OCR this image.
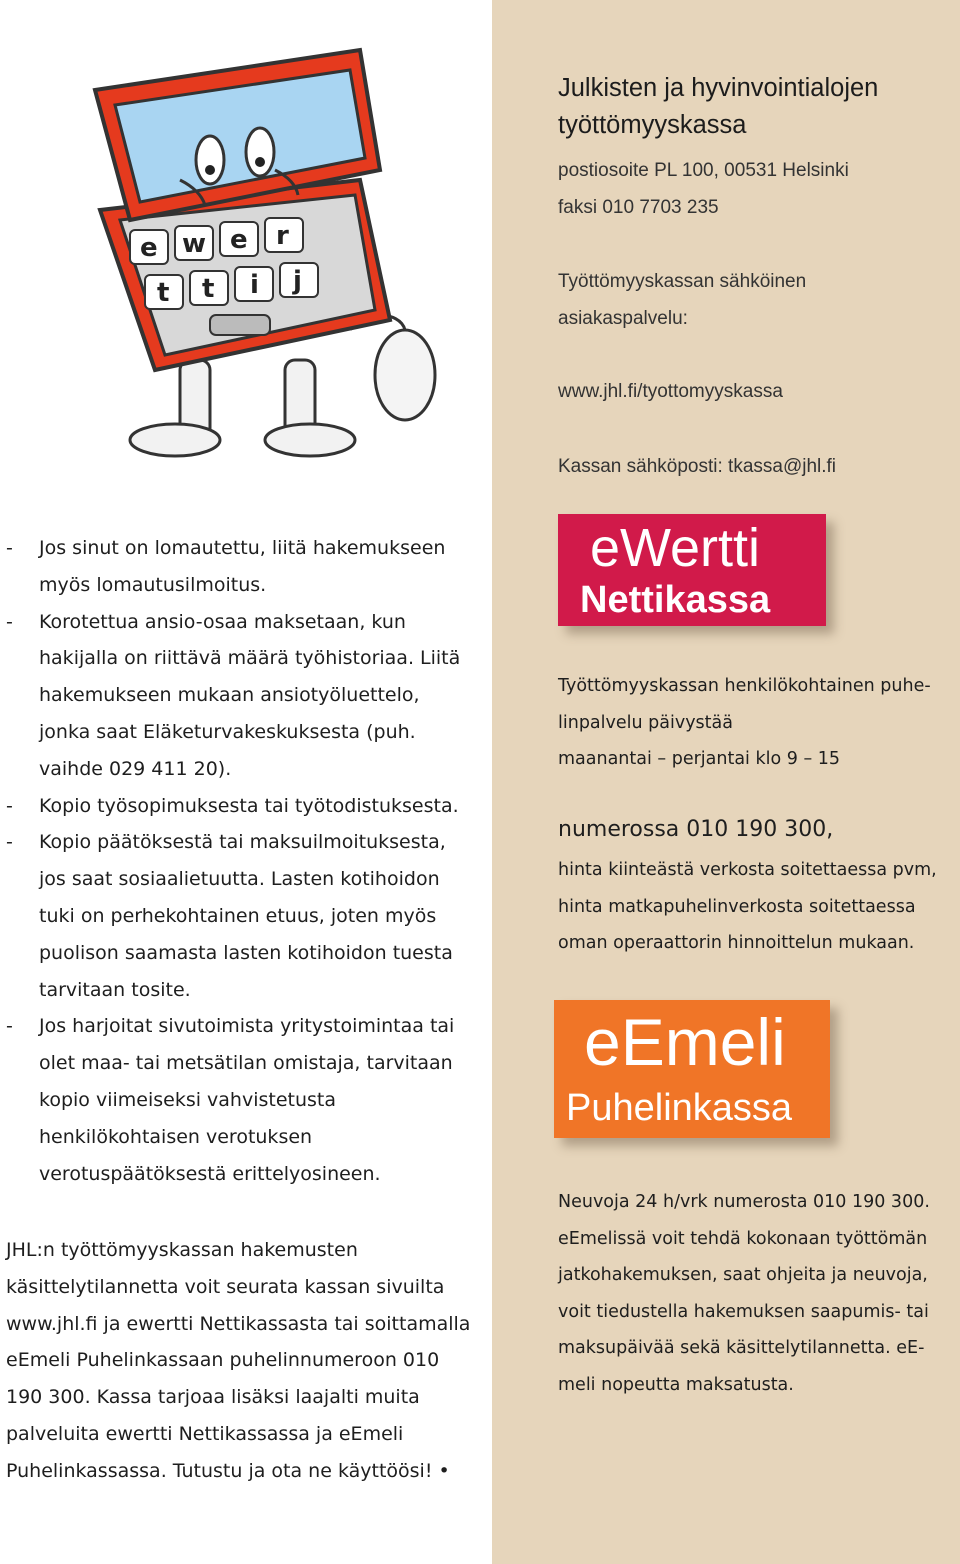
e w e r
t t i j
- Jos sinut on lomautettu, liitä hakemukseen myös lomautusilmoitus.
- Korotettua ansio-osaa maksetaan, kun hakijalla on riittävä määrä työhistoriaa. Liitä hakemukseen mukaan ansiotyöluettelo, jonka saat Eläketurvakeskuksesta (puh. vaihde 029 411 20).
- Kopio työsopimuksesta tai työtodistuksesta.
- Kopio päätöksestä tai maksuilmoituksesta, jos saat sosiaalietuutta. Lasten kotihoidon tuki on perhekohtainen etuus, joten myös puolison saamasta lasten kotihoidon tuesta tarvitaan tosite.
- Jos harjoitat sivutoimista yritystoimintaa tai olet maa- tai metsätilan omistaja, tarvitaan kopio viimeiseksi vahvistetusta henkilökohtaisen verotuksen verotuspäätöksestä erittelyosineen.

JHL:n työttömyyskassan hakemusten käsittelytilannetta voit seurata kassan sivuilta www.jhl.fi ja ewertti Nettikassasta tai soittamalla eEmeli Puhelinkassaan puhelinnumeroon 010 190 300. Kassa tarjoaa lisäksi laajalti muita palveluita ewertti Nettikassassa ja eEmeli Puhelinkassassa. Tutustu ja ota ne käyttöösi! •

Julkisten ja hyvinvointialojen
työttömyyskassa
postiosoite PL 100, 00531 Helsinki
faksi 010 7703 235
Työttömyyskassan sähköinen
asiakaspalvelu:
www.jhl.fi/tyottomyyskassa
Kassan sähköposti: tkassa@jhl.fi
eWertti
Nettikassa
Työttömyyskassan henkilökohtainen puhe-
linpalvelu päivystää
maanantai – perjantai klo 9 – 15
numerossa 010 190 300,
hinta kiinteästä verkosta soitettaessa pvm,
hinta matkapuhelinverkosta soitettaessa
oman operaattorin hinnoittelun mukaan.
eEmeli
Puhelinkassa
Neuvoja 24 h/vrk numerosta 010 190 300.
eEmelissä voit tehdä kokonaan työttömän
jatkohakemuksen, saat ohjeita ja neuvoja,
voit tiedustella hakemuksen saapumis- tai
maksupäivää sekä käsittelytilannetta. eE-
meli nopeutta maksatusta.
